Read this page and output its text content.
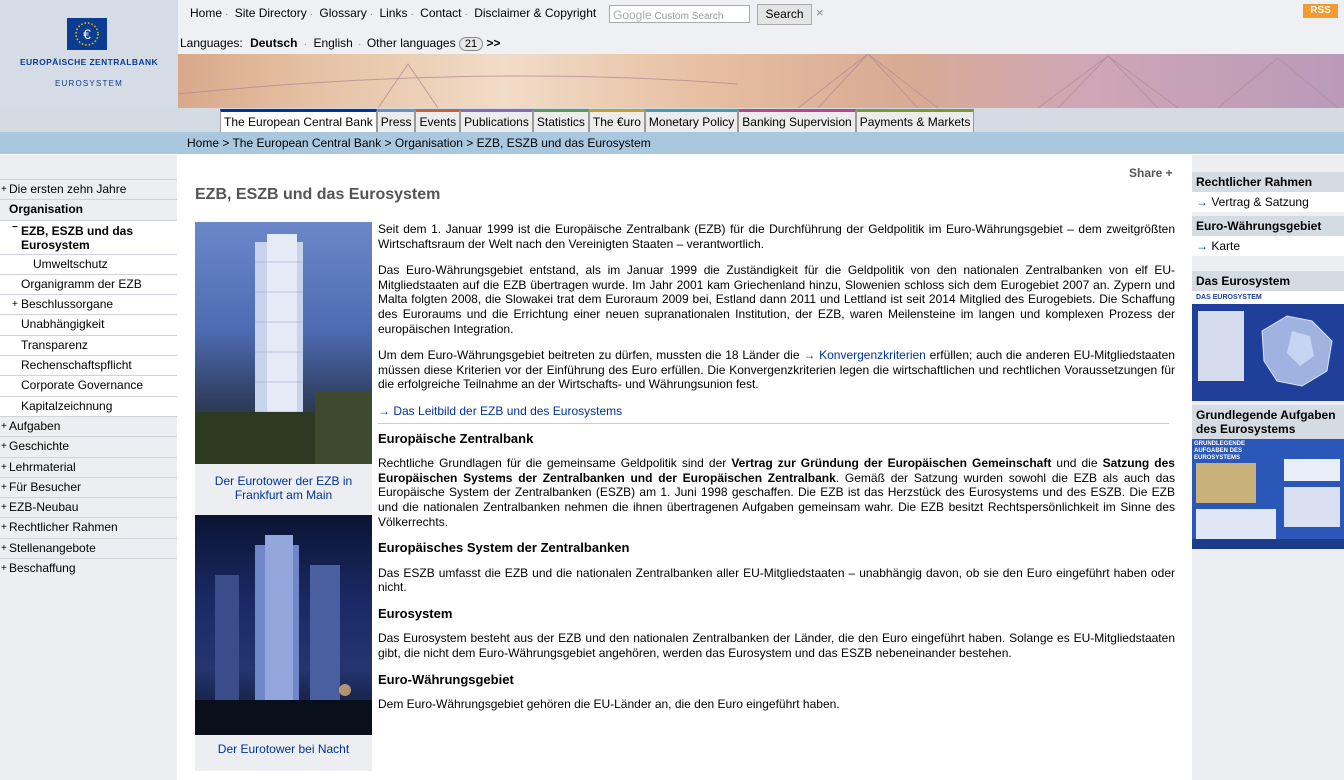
€
EUROPÄISCHE ZENTRALBANK
EUROSYSTEM
Home · Site Directory · Glossary · Links · Contact · Disclaimer & Copyright	Google Custom Search	Search ×	RSS
Languages: Deutsch · English · Other languages 21 >>
The European Central Bank Press Events Publications Statistics The €uro Monetary Policy Banking Supervision Payments & Markets
Home > The European Central Bank > Organisation > EZB, ESZB und das Eurosystem
+ Die ersten zehn Jahre
Organisation
− EZB, ESZB und das Eurosystem
Umweltschutz
Organigramm der EZB
+ Beschlussorgane
Unabhängigkeit
Transparenz
Rechenschaftspflicht
Corporate Governance
Kapitalzeichnung
+ Aufgaben
+ Geschichte
+ Lehrmaterial
+ Für Besucher
+ EZB-Neubau
+ Rechtlicher Rahmen
+ Stellenangebote
+ Beschaffung
Share +
EZB, ESZB und das Eurosystem
Der Eurotower der EZB in Frankfurt am Main
Der Eurotower bei Nacht

Seit dem 1. Januar 1999 ist die Europäische Zentralbank (EZB) für die Durchführung der Geldpolitik im Euro-Währungsgebiet – dem zweitgrößten Wirtschaftsraum der Welt nach den Vereinigten Staaten – verantwortlich.

Das Euro-Währungsgebiet entstand, als im Januar 1999 die Zuständigkeit für die Geldpolitik von den nationalen Zentralbanken von elf EU-Mitgliedstaaten auf die EZB übertragen wurde. Im Jahr 2001 kam Griechenland hinzu, Slowenien schloss sich dem Eurogebiet 2007 an. Zypern und Malta folgten 2008, die Slowakei trat dem Euroraum 2009 bei, Estland dann 2011 und Lettland ist seit 2014 Mitglied des Eurogebiets. Die Schaffung des Euroraums und die Errichtung einer neuen supranationalen Institution, der EZB, waren Meilensteine im langen und komplexen Prozess der europäischen Integration.

Um dem Euro-Währungsgebiet beitreten zu dürfen, mussten die 18 Länder die → Konvergenzkriterien erfüllen; auch die anderen EU-Mitgliedstaaten müssen diese Kriterien vor der Einführung des Euro erfüllen. Die Konvergenzkriterien legen die wirtschaftlichen und rechtlichen Voraussetzungen für die erfolgreiche Teilnahme an der Wirtschafts- und Währungsunion fest.

→ Das Leitbild der EZB und des Eurosystems

Europäische Zentralbank

Rechtliche Grundlagen für die gemeinsame Geldpolitik sind der Vertrag zur Gründung der Europäischen Gemeinschaft und die Satzung des Europäischen Systems der Zentralbanken und der Europäischen Zentralbank. Gemäß der Satzung wurden sowohl die EZB als auch das Europäische System der Zentralbanken (ESZB) am 1. Juni 1998 geschaffen. Die EZB ist das Herzstück des Eurosystems und des ESZB. Die EZB und die nationalen Zentralbanken nehmen die ihnen übertragenen Aufgaben gemeinsam wahr. Die EZB besitzt Rechtspersönlichkeit im Sinne des Völkerrechts.

Europäisches System der Zentralbanken

Das ESZB umfasst die EZB und die nationalen Zentralbanken aller EU-Mitgliedstaaten – unabhängig davon, ob sie den Euro eingeführt haben oder nicht.

Eurosystem

Das Eurosystem besteht aus der EZB und den nationalen Zentralbanken der Länder, die den Euro eingeführt haben. Solange es EU-Mitgliedstaaten gibt, die nicht dem Euro-Währungsgebiet angehören, werden das Eurosystem und das ESZB nebeneinander bestehen.

Euro-Währungsgebiet

Dem Euro-Währungsgebiet gehören die EU-Länder an, die den Euro eingeführt haben.

Rechtlicher Rahmen
→ Vertrag & Satzung
Euro-Währungsgebiet
→ Karte
Das Eurosystem
DAS EUROSYSTEM
Grundlegende Aufgaben des Eurosystems
GRUNDLEGENDE AUFGABEN DES EUROSYSTEMS
